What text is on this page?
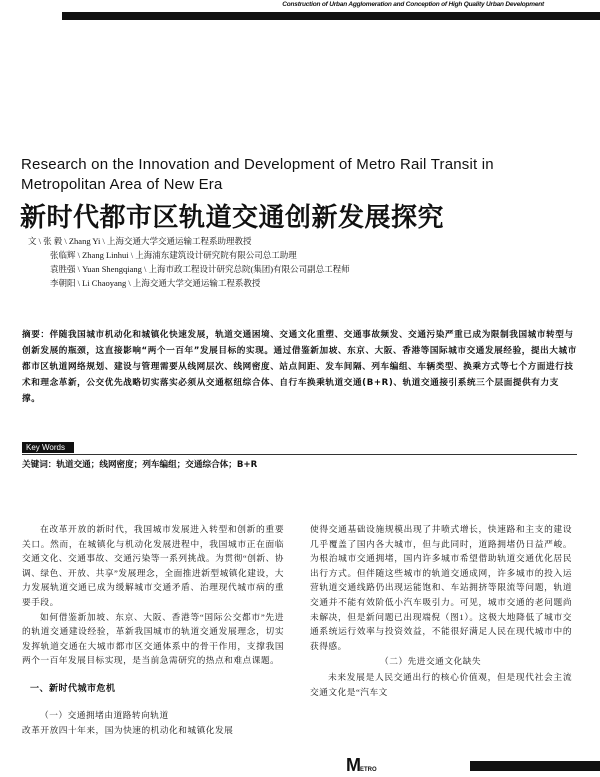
Construction of Urban Agglomeration and Conception of High Quality Urban Development
Research on the Innovation and Development of Metro Rail Transit in Metropolitan Area of New Era
新时代都市区轨道交通创新发展探究
文 \ 张 毅 \ Zhang Yi \ 上海交通大学交通运输工程系助理教授
张临辉 \ Zhang Linhui \ 上海浦东建筑设计研究院有限公司总工助理
袁胜强 \ Yuan Shengqiang \ 上海市政工程设计研究总院(集团)有限公司副总工程师
李朝阳 \ Li Chaoyang \ 上海交通大学交通运输工程系教授
摘要：伴随我国城市机动化和城镇化快速发展，轨道交通困境、交通文化重塑、交通事故频发、交通污染严重已成为限制我国城市转型与创新发展的瓶颈，这直接影响“两个一百年”发展目标的实现。通过借鉴新加坡、东京、大阪、香港等国际城市交通发展经验，提出大城市都市区轨道网络规划、建设与管理需要从线网层次、线网密度、站点间距、发车间隔、列车编组、车辆类型、换乘方式等七个方面进行技术和理念革新，公交优先战略切实落实必须从交通枢纽综合体、自行车换乘轨道交通(B+R)、轨道交通接引系统三个层面提供有力支撑。
Key Words
关键词：轨道交通；线网密度；列车编组；交通综合体；B+R

在改革开放的新时代，我国城市发展进入转型和创新的重要关口。然而，在城镇化与机动化发展进程中，我国城市正在面临交通文化、交通事故、交通污染等一系列挑战。为贯彻“创新、协调、绿色、开放、共享”发展理念，全面推进新型城镇化建设，大力发展轨道交通已成为缓解城市交通矛盾、治理现代城市病的重要手段。

如何借鉴新加坡、东京、大阪、香港等“国际公交都市”先进的轨道交通建设经验，革新我国城市的轨道交通发展理念，切实发挥轨道交通在大城市都市区交通体系中的骨干作用，支撑我国两个一百年发展目标实现，是当前急需研究的热点和难点课题。

一、新时代城市危机
（一）交通拥堵由道路转向轨道

改革开放四十年来，国为快速的机动化和城镇化发展

使得交通基础设施规模出现了井喷式增长，快速路和主支的建设几乎覆盖了国内各大城市，但与此同时，道路拥堵仍日益严峻。为根治城市交通拥堵，国内许多城市希望借助轨道交通优化居民出行方式。但伴随这些城市的轨道交通成网，许多城市的投入运营轨道交通线路仍出现运能饱和、车站拥挤等限流等问题，轨道交通并不能有效阶低小汽车吸引力。可见，城市交通的老问题尚未解决，但是新问题已出现端倪（图1）。这极大地降低了城市交通系统运行效率与投资效益，不能很好满足人民在现代城市中的获得感。

（二）先进交通文化缺失

未来发展是人民交通出行的核心价值观，但是现代社会主流交通文化是“汽车文

METRO
